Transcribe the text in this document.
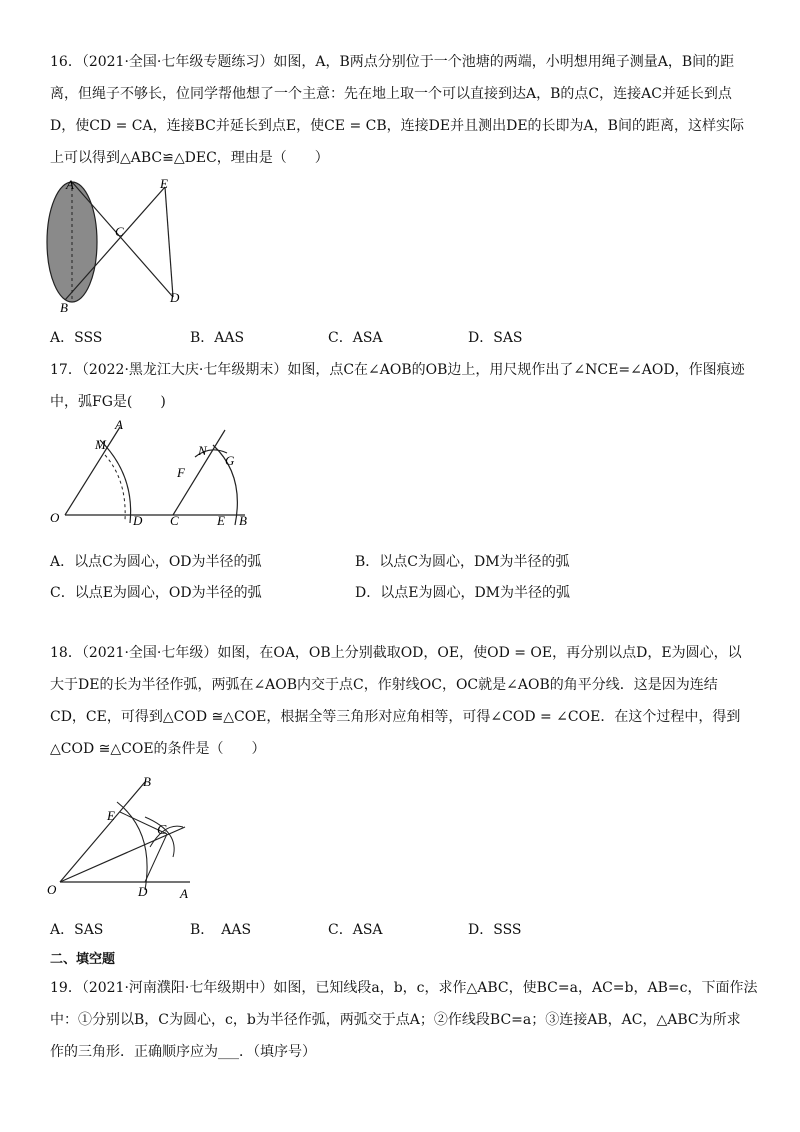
16．（2021·全国·七年级专题练习）如图，A，B两点分别位于一个池塘的两端，小明想用绳子测量A，B间的距
离，但绳子不够长，位同学帮他想了一个主意：先在地上取一个可以直接到达A，B的点C，连接AC并延长到点
D，使CD = CA，连接BC并延长到点E，使CE = CB，连接DE并且测出DE的长即为A，B间的距离，这样实际
上可以得到△ABC≌△DEC，理由是（　　）
A
B
C
D
E
A．SSS	B．AAS	C．ASA	D．SAS
17．（2022·黑龙江大庆·七年级期末）如图，点C在∠AOB的OB边上，用尺规作出了∠NCE=∠AOD，作图痕迹
中，弧FG是(　　)
A
M
O	D C
F
N
G
E B
A．以点C为圆心，OD为半径的弧	B．以点C为圆心，DM为半径的弧
C．以点E为圆心，OD为半径的弧	D．以点E为圆心，DM为半径的弧
18．（2021·全国·七年级）如图，在OA，OB上分别截取OD，OE，使OD = OE，再分别以点D，E为圆心，以
大于DE的长为半径作弧，两弧在∠AOB内交于点C，作射线OC，OC就是∠AOB的角平分线．这是因为连结
CD，CE，可得到△COD ≅△COE，根据全等三角形对应角相等，可得∠COD = ∠COE．在这个过程中，得到
△COD ≅△COE的条件是（　　）
B
E
C
O	D	A
A．SAS	B．　AAS	C．ASA	D．SSS
二、填空题
19．（2021·河南濮阳·七年级期中）如图，已知线段a，b，c，求作△ABC，使BC=a，AC=b，AB=c，下面作法
中：①分别以B，C为圆心，c，b为半径作弧，两弧交于点A；②作线段BC=a；③连接AB，AC，△ABC为所求
作的三角形．正确顺序应为___．（填序号）
